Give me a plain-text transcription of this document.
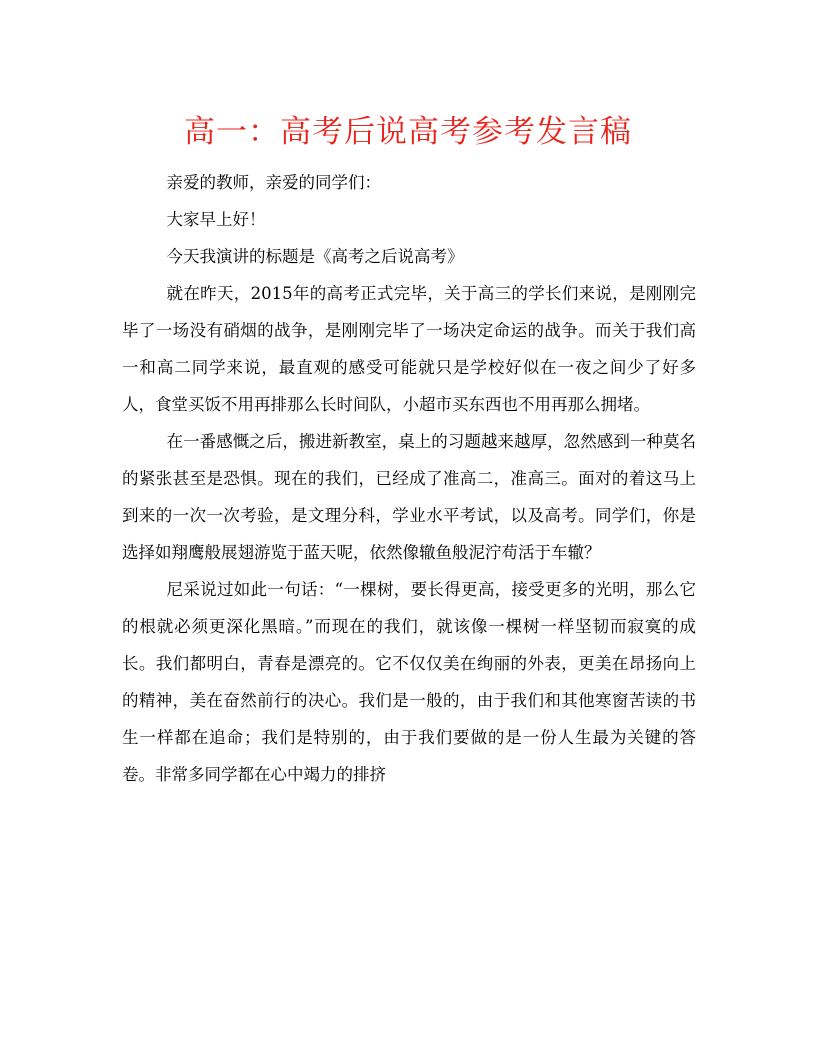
高一：高考后说高考参考发言稿

亲爱的教师，亲爱的同学们：

大家早上好！

今天我演讲的标题是《高考之后说高考》

就在昨天，2015年的高考正式完毕，关于高三的学长们来说，是刚刚完毕了一场没有硝烟的战争，是刚刚完毕了一场决定命运的战争。而关于我们高一和高二同学来说，最直观的感受可能就只是学校好似在一夜之间少了好多人，食堂买饭不用再排那么长时间队，小超市买东西也不用再那么拥堵。

在一番感慨之后，搬进新教室，桌上的习题越来越厚，忽然感到一种莫名的紧张甚至是恐惧。现在的我们，已经成了准高二，准高三。面对的着这马上到来的一次一次考验，是文理分科，学业水平考试，以及高考。同学们，你是选择如翔鹰般展翅游览于蓝天呢，依然像辙鱼般泥泞苟活于车辙？

尼采说过如此一句话：“一棵树，要长得更高，接受更多的光明，那么它的根就必须更深化黑暗。”而现在的我们，就该像一棵树一样坚韧而寂寞的成长。我们都明白，青春是漂亮的。它不仅仅美在绚丽的外表，更美在昂扬向上的精神，美在奋然前行的决心。我们是一般的，由于我们和其他寒窗苦读的书生一样都在追命；我们是特别的，由于我们要做的是一份人生最为关键的答卷。非常多同学都在心中竭力的排挤
